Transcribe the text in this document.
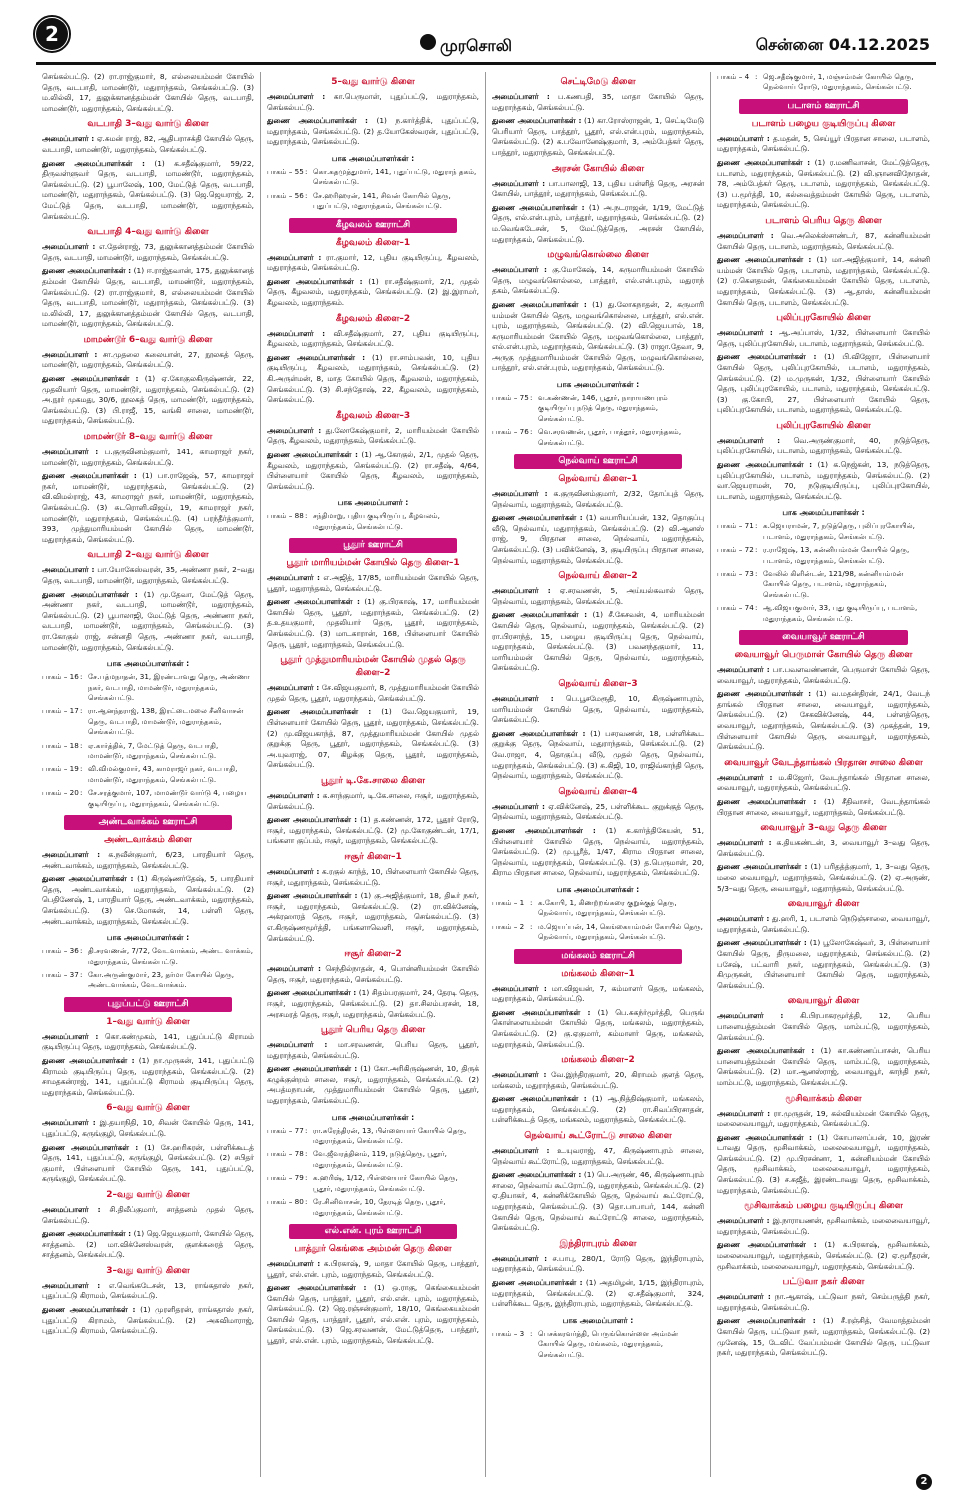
2	முரசொலி	சென்னை 04.12.2025

செங்கல்பட்டு. (2) ரா.ராஜ்குமார், 8, எல்லையம்மன் கோயில் தெரு, வடபாதி, மாமண்டூர், மதுராந்தகம், செங்கல்பட்டு. (3) ம.லில்லி, 17, துலுக்கானத்தம்மன் கோயில் தெரு, வடபாதி, மாமண்டூர், மதுராந்தகம், செங்கல்பட்டு.

வடபாதி 3–வது வார்டு கிளை

அமைப்பாளர் : ஏ.சுமன் ராஜ், 82, ஆதிபராசக்தி கோயில் தெரு, வடபாதி, மாமண்டூர், மதுராந்தகம், செங்கல்பட்டு.

துணை அமைப்பாளர்கள் : (1) க.சதீஷ்குமார், 59/22, திருவள்ளுவர் தெரு, வடபாதி, மாமண்டூர், மதுராந்தகம், செங்கல்பட்டு. (2) பூபாலேஷ், 100, மேட்டுத் தெரு, வடபாதி, மாமண்டூர், மதுராந்தகம், செங்கல்பட்டு. (3) ஜெ.ஜெயராஜ், 2, மேட்டுத் தெரு, வடபாதி, மாமண்டூர், மதுராந்தகம், செங்கல்பட்டு.

வடபாதி 4–வது வார்டு கிளை

அமைப்பாளர் : எ.தேன்ராஜ், 73, துலுக்கானத்தம்மன் கோயில் தெரு, வடபாதி, மாமண்டூர், மதுராந்தகம், செங்கல்பட்டு.

துணை அமைப்பாளர்கள் : (1) ஈ.ராஜ்தவான், 175, துலுக்கானத் தம்மன் கோயில் தெரு, வடபாதி, மாமண்டூர், மதுராந்தகம், செங்கல்பட்டு. (2) ரா.ராஜ்குமார், 8, எல்லையம்மன் கோயில் தெரு, வடபாதி, மாமண்டூர், மதுராந்தகம், செங்கல்பட்டு. (3) ம.லில்லி, 17, துலுக்கானத்தம்மன் கோயில் தெரு, வடபாதி, மாமண்டூர், மதுராந்தகம், செங்கல்பட்டு.

மாமண்டூர் 6–வது வார்டு கிளை

அமைப்பாளர் : சா.முதலை கலையான், 27, நூலகத் தெரு, மாமண்டூர், மதுராந்தகம், செங்கல்பட்டு.

துணை அமைப்பாளர்கள் : (1) ஏ.கோகுலகிருஷ்ணன், 22, முதலியார் தெரு, மாமண்டூர், மதுராந்தகம், செங்கல்பட்டு. (2) அ.நூர் முகமது, 30/6, நூலகத் தெரு, மாமண்டூர், மதுராந்தகம், செங்கல்பட்டு. (3) பி.ராஜீ, 15, வங்கி சாலை, மாமண்டூர், மதுராந்தகம், செங்கல்பட்டு.

மாமண்டூர் 8–வது வார்டு கிளை

அமைப்பாளர் : ப.குருவினம்குமார், 141, காமராஜர் நகர், மாமண்டூர், மதுராந்தகம், செங்கல்பட்டு.

துணை அமைப்பாளர்கள் : (1) பா.ராஜேஷ், 57, காமராஜர் நகர், மாமண்டூர், மதுராந்தகம், செங்கல்பட்டு. (2) வி.விமல்ராஜ், 43, காமராஜர் நகர், மாமண்டூர், மதுராந்தகம், செங்கல்பட்டு. (3) சுடரொளி.விஜய், 19, காமராஜர் நகர், மாமண்டூர், மதுராந்தகம், செங்கல்பட்டு. (4) பரந்தீர்த்குமார், 393, முத்துமாரியம்மன் கோயில் தெரு, மாமண்டூர், மதுராந்தகம், செங்கல்பட்டு.

வடபாதி 2–வது வார்டு கிளை

அமைப்பாளர் : பா.யோகேஸ்வரன், 35, அண்ணா நகர், 2–வது தெரு, வடபாதி, மாமண்டூர், மதுராந்தகம், செங்கல்பட்டு.

துணை அமைப்பாளர்கள் : (1) மு.தேவா, மேட்டுத் தெரு, அண்ணா நகர், வடபாதி, மாமண்டூர், மதுராந்தகம், செங்கல்பட்டு. (2) பூபாலாஜி, மேட்டுத் தெரு, அண்ணா நகர், வடபாதி, மாமண்டூர், மதுராந்தகம், செங்கல்பட்டு. (3) ரா.கோகுல் ராஜ், சன்னதி தெரு, அண்ணா நகர், வடபாதி, மாமண்டூர், மதுராந்தகம், செங்கல்பட்டு.

பாக அமைப்பாளர்கள் :
பாகம் – 16 : சே.பத்மநாதன், 31, இரண்டாவது தெரு, அண்ணா நகர், வடபாதி, மாமண்டூர், மதுராந்தகம், செங்கல்பட்டு.
பாகம் – 17 : ரா.ஆனந்தராஜ், 138, இரட்டைமலை சீனிவாசன் தெரு, வடபாதி, மாமண்டூர், மதுராந்தகம், செங்கல்பட்டு.
பாகம் – 18 : ஏ.கார்த்திக், 7, மேட்டுத் தெரு, வடபாதி, மாமண்டூர், மதுராந்தகம், செங்கல்பட்டு.
பாகம் – 19 : வி.விமல்குமார், 43, காமராஜர் நகர், வடபாதி, மாமண்டூர், மதுராந்தகம், செங்கல்பட்டு.
பாகம் – 20 : சே.சரத்குமார், 107, மாமண்டூர் வார்டு 4, பழைய குடியிருப்பு, மதுராந்தகம், செங்கல்பட்டு.
அண்டவாக்கம் ஊராட்சி
அண்டவாக்கம் கிளை

அமைப்பாளர் : க.நவீன்குமார், 6/23, பாரதியார் தெரு, அண்டவாக்கம், மதுராந்தகம், செங்கல்பட்டு.

துணை அமைப்பாளர்கள் : (1) கிருஷ்ணர்தேஷ், 5, பாரதியார் தெரு, அண்டவாக்கம், மதுராந்தகம், செங்கல்பட்டு. (2) பெதிணேஷ், 1, பாரதியார் தெரு, அண்டவாக்கம், மதுராந்தகம், செங்கல்பட்டு. (3) செ.மோகன், 14, பள்ளி தெரு, அண்டவாக்கம், மதுராந்தகம், செங்கல்பட்டு.

பாக அமைப்பாளர்கள் :
பாகம் – 36 : தி.சரவணன், 7/72, வேடவாக்கம், அண்ட வாக்கம், மதுராந்தகம், செங்கல்பட்டு.
பாகம் – 37 : கோ.அருண்குமார், 23, தர்மா கோயில் தெரு, அண்டவாக்கம், வேடவாக்கம்.
புதுப்பட்டு ஊராட்சி
1–வது வார்டு கிளை

அமைப்பாளர் : கொ.கண்முகம், 141, புதுப்பட்டு கிராமம் குடியிருப்பு தெரு, மதுராந்தகம், செங்கல்பட்டு.

துணை அமைப்பாளர்கள் : (1) நா.முருகன், 141, புதுப்பட்டு கிராமம் குடியிருப்பு தெரு, மதுராந்தகம், செங்கல்பட்டு. (2) சாமதகன்ராஜ், 141, புதுப்பட்டு கிராமம் குடியிருப்பு தெரு, மதுராந்தகம், செங்கல்பட்டு.

6–வது வார்டு கிளை

அமைப்பாளர் : இ.தயாநிதி, 10, சிவன் கோயில் தெரு, 141, புதுப்பட்டு, கருங்குழி, செங்கல்பட்டு.

துணை அமைப்பாளர்கள் : (1) சே.ஹரிகரன், பள்ளிக்கூடத் தெரு, 141, புதுப்பட்டு, கருங்குழி, செங்கல்பட்டு. (2) சபிதர் குமார், பிள்ளையார் கோயில் தெரு, 141, புதுப்பட்டு, கருங்குழி, செங்கல்பட்டு.

2–வது வார்டு கிளை

அமைப்பாளர் : சி.திலீப்குமார், சாத்தனம் முதல் தெரு, செங்கல்பட்டு.

துணை அமைப்பாளர்கள் : (1) ஜெ.ஜெயகுமார், கோயில் தெரு, சாத்தனம். (2) மா.விக்னேஸ்வரன், குளக்கரைத் தெரு, சாத்தனம், செங்கல்பட்டு.

3–வது வார்டு கிளை

அமைப்பாளர் : எ.வெங்கடேசன், 13, ராங்கதாஸ் நகர், புதுப்பட்டு கிராமம், செங்கல்பட்டு.

துணை அமைப்பாளர்கள் : (1) முரளிதரன், ராங்கதாஸ் நகர், புதுப்பட்டு கிராமம், செங்கல்பட்டு. (2) அசுவிமாராஜ், புதுப்பட்டு கிராமம், செங்கல்பட்டு.

5–வது வார்டு கிளை

அமைப்பாளர் : கா.பெருமாள், புதுப்பட்டு, மதுராந்தகம், செங்கல்பட்டு.

துணை அமைப்பாளர்கள் : (1) ந.கார்த்திக், புதுப்பட்டு, மதுராந்தகம், செங்கல்பட்டு. (2) த.யோகேஸ்வரன், புதுப்பட்டு, மதுராந்தகம், செங்கல்பட்டு.

பாக அமைப்பாளர்கள் :
பாகம் – 55 : கொ.கதமுத்துமார், 141, புதுப்பட்டு, மதுராந் தகம், செங்கல்பட்டு.
பாகம் – 56 : சே.ஹரிஹரன், 141, சிவன் கோயில் தெரு, புதுப்பட்டு, மதுராந்தகம், செங்கல்பட்டு.
கீழவலம் ஊராட்சி
கீழவலம் கிளை–1

அமைப்பாளர் : ரா.குமார், 12, புதிய குடியிருப்பு, கீழவலம், மதுராந்தகம், செங்கல்பட்டு.

துணை அமைப்பாளர்கள் : (1) ரா.சதீஷ்குமார், 2/1, முதல் தெரு, கீழவலம், மதுராந்தகம், செங்கல்பட்டு. (2) இ.இராமர், கீழவலம், மதுராந்தகம்.

கீழவலம் கிளை–2

அமைப்பாளர் : வி.சதீஷ்குமார், 27, புதிய குடியிருப்பு, கீழவலம், மதுராந்தகம், செங்கல்பட்டு.

துணை அமைப்பாளர்கள் : (1) ரா.சாம்பவன், 10, புதிய குடியிருப்பு, கீழவலம், மதுராந்தகம், செங்கல்பட்டு. (2) கி.அருள்மன், 8, மாத கோயில் தெரு, கீழவலம், மதுராந்தகம், செங்கல்பட்டு. (3) சி.சந்தோஷ், 22, கீழவலம், மதுராந்தகம், செங்கல்பட்டு.

கீழவலம் கிளை–3

அமைப்பாளர் : து.லோகேஷ்குமார், 2, மாரியம்மன் கோயில் தெரு, கீழவலம், மதுராந்தகம், செங்கல்பட்டு.

துணை அமைப்பாளர்கள் : (1) ஆ.கோகுல், 2/1, முதல் தெரு, கீழவலம், மதுராந்தகம், செங்கல்பட்டு. (2) ரா.சதீஷ், 4/64, பிள்ளையார் கோயில் தெரு, கீழவலம், மதுராந்தகம், செங்கல்பட்டு.

பாக அமைப்பாளர் :
பாகம் – 88 : சந்திமாறு, புதிய குடியிருப்பு, கீழவலம், மதுராந்தகம், செங்கல்பட்டு.
பூதூர் ஊராட்சி
பூதூர் மாரியம்மன் கோயில் தெரு கிளை–1

அமைப்பாளர் : எ.அஜித், 17/85, மாரியம்மன் கோயில் தெரு, பூதூர், மதுராந்தகம், செங்கல்பட்டு.

துணை அமைப்பாளர்கள் : (1) கு.பிரகாஷ், 17, மாரியம்மன் கோயில் தெரு, பூதூர், மதுராந்தகம், செங்கல்பட்டு. (2) த.உதயகுமார், முதலியார் தெரு, பூதூர், மதுராந்தகம், செங்கல்பட்டு. (3) மாடகாரான், 168, பிள்ளையார் கோயில் தெரு, பூதூர், மதுராந்தகம், செங்கல்பட்டு.

பூதூர் முத்துமாரியம்மன் கோயில் முதல் தெரு கிளை–2

அமைப்பாளர் : சே.விஜயகுமார், 8, முத்துமாரியம்மன் கோயில் முதல் தெரு, பூதூர், மதுராந்தகம், செங்கல்பட்டு.

துணை அமைப்பாளர்கள் : (1) வே.ஜெயகுமார், 19, பிள்ளையார் கோயில் தெரு, பூதூர், மதுராந்தகம், செங்கல்பட்டு. (2) மு.விஜயகாந்த், 87, முத்துமாரியம்மன் கோயில் முதல் குறுக்கு தெரு, பூதூர், மதுராந்தகம், செங்கல்பட்டு. (3) அ.யுவராஜ், 07, கிழக்கு தெரு, பூதூர், மதுராந்தகம், செங்கல்பட்டு.

பூதூர் டி.கே.சாலை கிளை

அமைப்பாளர் : க.சாந்குமார், டி.கே.சாலை, ஈசூர், மதுராந்தகம், செங்கல்பட்டு.

துணை அமைப்பாளர்கள் : (1) த.கண்ணன், 172, பூதூர் ரோடு, ஈசூர், மதுராந்தகம், செங்கல்பட்டு. (2) மு.கோகுண்டன், 17/1, பங்களா குப்பம், ஈசூர், மதுராந்தகம், செங்கல்பட்டு.

ஈசூர் கிளை–1

அமைப்பாளர் : க.ரகுல் காந்த், 10, பிள்ளையார் கோயில் தெரு, ஈசூர், மதுராந்தகம், செங்கல்பட்டு.

துணை அமைப்பாளர்கள் : (1) கு.அஜித்குமார், 18, திடீர் நகர், ஈசூர், மதுராந்தகம், செங்கல்பட்டு. (2) ரா.விக்னேஷ், அக்ரஹாரத் தெரு, ஈசூர், மதுராந்தகம், செங்கல்பட்டு. (3) எ.கிருஷ்ணமூர்த்தி, பங்களாவெளி, ஈசூர், மதுராந்தகம், செங்கல்பட்டு.

ஈசூர் கிளை–2

அமைப்பாளர் : செந்தில்நாதன், 4, பொன்னியம்மன் கோயில் தெரு, ஈசூர், மதுராந்தகம், செங்கல்பட்டு.

துணை அமைப்பாளர்கள் : (1) சிதம்பரகுமார், 24, தேரடி தெரு, ஈசூர், மதுராந்தகம், செங்கல்பட்டு. (2) தா.சிலம்பரசன், 18, அரசமரத் தெரு, ஈசூர், மதுராந்தகம், செங்கல்பட்டு.

பூதூர் பெரிய தெரு கிளை

அமைப்பாளர் : மா.சரவணன், பெரிய தெரு, பூதூர், மதுராந்தகம், செங்கல்பட்டு.

துணை அமைப்பாளர்கள் : (1) கோ.அரிகிருஷ்ணன், 10, திருக் கழுக்குன்றம் சாலை, ஈசூர், மதுராந்தகம், செங்கல்பட்டு. (2) அபத்மநாபன், முத்துமாரியம்மன் கோயில் தெரு, பூதூர், மதுராந்தகம், செங்கல்பட்டு.

பாக அமைப்பாளர்கள் :
பாகம் – 77 : ரா.சுரேந்திரன், 13, பிள்ளையார் கோயில் தெரு, மதுராந்தகம், செங்கல்பட்டு.
பாகம் – 78 : வே.ஜீவரத்தினம், 119, நடுத்தெரு, பூதூர், மதுராந்தகம், செங்கல்பட்டு.
பாகம் – 79 : க.ஹரிஷ், 1/12, பிள்ளையார் கோயில் தெரு, பூதூர், மதுராந்தகம், செங்கல்பட்டு.
பாகம் – 80 : ரே.சினிவாசன், 10, தேரடித் தெரு, பூதூர், மதுராந்தகம், செங்கல்பட்டு.
எல்.என். புரம் ஊராட்சி
பாத்தூர் கெங்கை அம்மன் தெரு கிளை

அமைப்பாளர் : க.பிரகாஷ், 9, மாதா கோயில் தெரு, பாத்தூர், பூதூர், எல்.என். புரம், மதுராந்தகம், செங்கல்பட்டு.

துணை அமைப்பாளர்கள் : (1) ஒ.ராகு, கெங்கையம்மன் கோயில் தெரு, பாத்தூர், பூதூர், எல்.என். புரம், மதுராந்தகம், செங்கல்பட்டு. (2) ஜெ.ரஞ்சன்குமார், 18/10, கெங்கையம்மன் கோயில் தெரு, பாத்தூர், பூதூர், எல்.என். புரம், மதுராந்தகம், செங்கல்பட்டு. (3) ஜெ.சரவணன், மேட்டுத்தெரு, பாத்தூர், பூதூர், எல்.என். புரம், மதுராந்தகம், செங்கல்பட்டு.

செட்டிமேடு கிளை

அமைப்பாளர் : ப.கணபதி, 35, மாதா கோயில் தெரு, மதுராந்தகம், செங்கல்பட்டு.

துணை அமைப்பாளர்கள் : (1) கா.ரோஸ்ராஜன், 1, செட்டிமேடு பெரியார் தெரு, பாத்தூர், பூதூர், எல்.என்.புரம், மதுராந்தகம், செங்கல்பட்டு. (2) க.பவோனேஷ்குமார், 3, அம்பேத்கர் தெரு, பாத்தூர், மதுராந்தகம், செங்கல்பட்டு.

அரசன் கோயில் கிளை

அமைப்பாளர் : பா.பாலாஜி, 13, புதிய பள்ளித் தெரு, அரசன் கோயில், பாத்தூர், மதுராந்தகம், செங்கல்பட்டு.

துணை அமைப்பாளர்கள் : (1) அ.நடராஜன், 1/19, மேட்டுத் தெரு, எல்.என்.புரம், பாத்தூர், மதுராந்தகம், செங்கல்பட்டு. (2) ம.வெங்கடேசன், 5, மேட்டுத்தெரு, அரசன் கோயில், மதுராந்தகம், செங்கல்பட்டு.

மழுவங்கொல்லை கிளை

அமைப்பாளர் : கு.மோகேஷ், 14, கருமாரியம்மன் கோயில் தெரு, மழுவங்கொல்லை, பாத்தூர், எல்.என்.புரம், மதுராந் தகம், செங்கல்பட்டு.

துணை அமைப்பாளர்கள் : (1) து.லோகநாதன், 2, கருமாரி யம்மன் கோயில் தெரு, மழுவங்கொல்லை, பாத்தூர், எல்.என். புரம், மதுராந்தகம், செங்கல்பட்டு. (2) வி.ஜெயபால், 18, கருமாரியம்மன் கோயில் தெரு, மழுவங்கொல்லை, பாத்தூர், எல்.என்.புரம், மதுராந்தகம், செங்கல்பட்டு. (3) ராஜா.தேவா, 9, அருகு முத்துமாரியம்மன் கோயில் தெரு, மழுவங்கொல்லை, பாத்தூர், எல்.என்.புரம், மதுராந்தகம், செங்கல்பட்டு.

பாக அமைப்பாளர்கள் :
பாகம் – 75 : வ.கண்ணன், 146, பூதூர், நாராயணபுரம் குடியிருப்பு நடுத் தெரு, மதுராந்தகம், செங்கல்பட்டு.
பாகம் – 76 : வெ.சரவணன், பூதூர், பாத்தூர், மதுராந்தகம், செங்கல்பட்டு.
நெல்வாய் ஊராட்சி
நெல்வாய் கிளை–1

அமைப்பாளர் : க.குருவினம்குமார், 2/32, தோப்புத் தெரு, நெல்வாய், மதுராந்தகம், செங்கல்பட்டு.

துணை அமைப்பாளர்கள் : (1) வயாரியப்பன், 132, தொகுப்பு வீடு, நெல்வாய், மதுராந்தகம், செங்கல்பட்டு. (2) வி.ஆனஸ் ராஜ், 9, பிரதான சாலை, நெல்வாய், மதுராந்தகம், செங்கல்பட்டு. (3) பவிக்னேஷ், 3, குடியிருப்பு பிரதான சாலை, நெல்வாய், மதுராந்தகம், செங்கல்பட்டு.

நெல்வாய் கிளை–2

அமைப்பாளர் : ஏ.சரவணன், 5, அய்யல்கவால் தெரு, நெல்வாய், மதுராந்தகம், செங்கல்பட்டு.

துணை அமைப்பாளர்கள் : (1) சீ.கேசவன், 4, மாரியம்மன் கோயில் தெரு, நெல்வாய், மதுராந்தகம், செங்கல்பட்டு. (2) ரா.பிரசாந்த், 15, பழைய குடியிருப்பு தெரு, நெல்வாய், மதுராந்தகம், செங்கல்பட்டு. (3) பவனந்தகுமார், 11, மாரியம்மன் கோயில் தெரு, நெல்வாய், மதுராந்தகம், செங்கல்பட்டு.

நெல்வாய் கிளை–3

அமைப்பாளர் : பெ.பூசமேரூதி, 10, கிருஷ்ணாபுரம், மாரியம்மன் கோயில் தெரு, நெல்வாய், மதுராந்தகம், செங்கல்பட்டு.

துணை அமைப்பாளர்கள் : (1) பசரவணன், 18, பள்ளிக்கூட குறுக்கு தெரு, நெல்வாய், மதுராந்தகம், செங்கல்பட்டு. (2) வே.ராஜா, 4, தொகுப்பு வீடு, முதல் தெரு, நெல்வாய், மதுராந்தகம், செங்கல்பட்டு. (3) சு.கிஜி, 10, ராஜிவ்காந்தி தெரு, நெல்வாய், மதுராந்தகம், செங்கல்பட்டு.

நெல்வாய் கிளை–4

அமைப்பாளர் : ஏ.விக்னேஷ், 25, பள்ளிக்கூட குறுக்குத் தெரு, நெல்வாய், மதுராந்தகம், செங்கல்பட்டு.

துணை அமைப்பாளர்கள் : (1) சு.கார்த்திகேயன், 51, பிள்ளையார் கோயில் தெரு, நெல்வாய், மதுராந்தகம், செங்கல்பட்டு. (2) மு.பூரீத், 1/47, கிராம பிரதான சாலை, நெல்வாய், மதுராந்தகம், செங்கல்பட்டு. (3) த.பெருமாள், 20, கிராம பிரதான சாலை, நெல்வாய், மதுராந்தகம், செங்கல்பட்டு.

பாக அமைப்பாளர்கள் :
பாகம் – 1 : க.கோபி, 1, கிணற்றங்கரை குறுக்குத் தெரு, நெல்வாய், மதுராந்தகம், செங்கல்பட்டு.
பாகம் – 2 : ம.ஜெயப்பன், 14, கெங்கையம்மன் கோயில் தெரு, நெல்வாய், மதுராந்தகம், செங்கல்பட்டு.
மங்கலம் ஊராட்சி
மங்கலம் கிளை–1

அமைப்பாளர் : மா.விஜயன், 7, கம்மாளர் தெரு, மங்கலம், மதுராந்தகம், செங்கல்பட்டு.

துணை அமைப்பாளர்கள் : (1) பெ.சுகந்ர்மூர்த்தி, பெருங் கொள்ளையம்மன் கோயில் தெரு, மங்கலம், மதுராந்தகம், செங்கல்பட்டு. (2) கு.ஏகுமார், கம்மாளர் தெரு, மங்கலம், மதுராந்தகம், செங்கல்பட்டு.

மங்கலம் கிளை–2

அமைப்பாளர் : வே.இந்திரகுமார், 20, கிராமம் குளத் தெரு, மங்கலம், மதுராந்தகம், செங்கல்பட்டு.

துணை அமைப்பாளர்கள் : (1) ஆ.நித்திஷ்குமார், மங்கலம், மதுராந்தகம், செங்கல்பட்டு. (2) ரா.சிவப்பிரசாதன், பள்ளிக்கூடத் தெரு, மங்கலம், மதுராந்தகம், செங்கல்பட்டு.

நெல்வாய் கூட்ரோட்டு சாலை கிளை

அமைப்பாளர் : உ.யுவராஜ், 47, கிருஷ்ணாபுரம் சாலை, நெல்வாய் கூட்ரோட்டு, மதுராந்தகம், செங்கல்பட்டு.

துணை அமைப்பாளர்கள் : (1) பெ.அருண், 46, கிருஷ்ணாபுரம் சாலை, நெல்வாய் கூட்ரோட்டு, மதுராந்தகம், செங்கல்பட்டு. (2) ஏ.தியாகர், 4, கன்னிக்கோயில் தெரு, நெல்வாய் கூட்ரோட்டு, மதுராந்தகம், செங்கல்பட்டு. (3) தொ.பாபாபர், 144, கன்னி கோயில் தெரு, நெல்வாய் கூட்ரோட்டு சாலை, மதுராந்தகம், செங்கல்பட்டு.

இந்திராபுரம் கிளை

அமைப்பாளர் : ச.பாபு, 280/1, ரோடு தெரு, இந்திராபுரம், மதுராந்தகம், செங்கல்பட்டு.

துணை அமைப்பாளர்கள் : (1) அதமிழன், 1/15, இந்திராபுரம், மதுராந்தகம், செங்கல்பட்டு. (2) ஏ.சதீஷ்குமார், 324, பள்ளிக்கூட தெரு, இந்திராபுரம், மதுராந்தகம், செங்கல்பட்டு.

பாக அமைப்பாளர் :
பாகம் – 3 : பெசக்கரவர்த்தி, பெருங்கொள்ளை அம்மன் கோயில் தெரு, மங்கலம், மதுராந்தகம், செங்கல்பட்டு.
பாகம் – 4 : ஜெ.சதீஷ்குமார், 1, மஞ்சம்மன் கோயில் தெரு, நெல்வாய் ரோடு, மதுராந்தகம், செங்கல்பட்டு.
படாளம் ஊராட்சி
படாளம் பழைய குடியிருப்பு கிளை

அமைப்பாளர் : த.மதன், 5, செய்யூர் பிரதான சாலை, படாளம், மதுராந்தகம், செங்கல்பட்டு.

துணை அமைப்பாளர்கள் : (1) ர.மணிவாசன், மேட்டுத்தெரு, படாளம், மதுராந்தகம், செங்கல்பட்டு. (2) வி.ஞானவிநோதன், 78, அம்பேத்கர் தெரு, படாளம், மதுராந்தகம், செங்கல்பட்டு. (3) ப.மூர்த்தி, 10, கல்வைத்தம்மன் கோயில் தெரு, படாளம், மதுராந்தகம், செங்கல்பட்டு.

படாளம் பெரிய தெரு கிளை

அமைப்பாளர் : வெ.அலெக்ஸ்சாண்டர், 87, கன்னியம்மன் கோயில் தெரு, படாளம், மதுராந்தகம், செங்கல்பட்டு.

துணை அமைப்பாளர்கள் : (1) மா.அஜித்குமார், 14, கன்னி யம்மன் கோயில் தெரு, படாளம், மதுராந்தகம், செங்கல்பட்டு. (2) ர.கௌதமன், கெங்கையம்மன் கோயில் தெரு, படாளம், மதுராந்தகம், செங்கல்பட்டு. (3) ஆ.தாஸ், கன்னியம்மன் கோயில் தெரு, படாளம், செங்கல்பட்டு.

புலிப்புரகோயில் கிளை

அமைப்பாளர் : ஆ.அப்பாஸ், 1/32, பிள்ளையார் கோயில் தெரு, புலிப்புரகோயில், படாளம், மதுராந்தகம், செங்கல்பட்டு.

துணை அமைப்பாளர்கள் : (1) பி.விஜேரா, பிள்ளையார் கோயில் தெரு, புலிப்புரகோயில், படாளம், மதுராந்தகம், செங்கல்பட்டு. (2) ம.முருகன், 1/32, பிள்ளையார் கோயில் தெரு, புலிப்புரகோயில், படாளம், மதுராந்தகம், செங்கல்பட்டு. (3) கு.கோபி, 27, பிள்ளையார் கோயில் தெரு, புலிப்புரகோயில், படாளம், மதுராந்தகம், செங்கல்பட்டு.

புலிப்புரகோயில் கிளை

அமைப்பாளர் : வெ.அருண்குமார், 40, நடுத்தெரு, புலிப்புரகோயில், படாளம், மதுராந்தகம், செங்கல்பட்டு.

துணை அமைப்பாளர்கள் : (1) க.நெஜ்கன், 13, நடுத்தெரு, புலிப்புரகோயில், படாளம், மதுராந்தகம், செங்கல்பட்டு. (2) வா.ஜெயராமன், 70, நடுகுடியிருப்பு, புலிப்புரகோயில், படாளம், மதுராந்தகம், செங்கல்பட்டு.

பாக அமைப்பாளர்கள் :
பாகம் – 71 : க.ஜெயராமன், 7, நடுத்தெரு, புலிப்புரகோயில், படாளம், மதுராந்தகம், செங்கல்பட்டு.
பாகம் – 72 : ர.ராஜேஷ், 13, கன்னியம்மன் கோயில் தெரு, படாளம், மதுராந்தகம், செங்கல்பட்டு.
பாகம் – 73 : வேலில் கிளின்டன், 121/98, கன்னியம்மன் கோயில் தெரு, படாளம், மதுராந்தகம், செங்கல்பட்டு.
பாகம் – 74 : ஆ.விஜயகுமார், 33, புது குடியிருப்பு, படாளம், மதுராந்தகம், செங்கல்பட்டு.
வையாவூர் ஊராட்சி
வையாவூர் பெருமாள் கோயில் தெரு கிளை

அமைப்பாளர் : பா.பவளவண்ணன், பெருமாள் கோயில் தெரு, வையாவூர், மதுராந்தகம், செங்கல்பட்டு.

துணை அமைப்பாளர்கள் : (1) வ.மதன்திரன், 24/1, வேடந் தாங்கல் பிரதான சாலை, வையாவூர், மதுராந்தகம், செங்கல்பட்டு. (2) சேகவிக்னேஷ், 44, பள்ளத்தெரு, வையாவூர், மதுராந்தகம், செங்கல்பட்டு. (3) முகத்தன், 19, பிள்ளையார் கோயில் தெரு, வையாவூர், மதுராந்தகம், செங்கல்பட்டு.

வையாவூர் வேடந்தாங்கல் பிரதான சாலை கிளை

அமைப்பாளர் : ம.கிஜோர், வேடந்தாங்கல் பிரதான சாலை, வையாவூர், மதுராந்தகம், செங்கல்பட்டு.

துணை அமைப்பாளர்கள் : (1) சீதிவாசர், வேடந்தாங்கல் பிரதான சாலை, வையாவூர், மதுராந்தகம், செங்கல்பட்டு.

வையாவூர் 3–வது தெரு கிளை

அமைப்பாளர் : க.தியகண்டன், 3, வையாவூர் 3–வது தெரு, செங்கல்பட்டு.

துணை அமைப்பாளர்கள் : (1) பரிதத்த்குமார், 1, 3–வது தெரு, மலை வையாவூர், மதுராந்தகம், செங்கல்பட்டு. (2) ஏ.அருண், 5/3–வது தெரு, வையாவூர், மதுராந்தகம், செங்கல்பட்டு.

வையாவூர் கிளை

அமைப்பாளர் : து.ஹரி, 1, படாளம் நெடுஞ்சாலை, வையாவூர், மதுராந்தகம், செங்கல்பட்டு.

துணை அமைப்பாளர்கள் : (1) பூலோகேஷ்வர், 3, பிள்ளையார் கோயில் தெரு, திருமலை, மதுராந்தகம், செங்கல்பட்டு. (2) பசேஷ், பட்வாரி நகர், மதுராந்தகம், செங்கல்பட்டு. (3) கிமுருகன், பிள்ளையார் கோயில் தெரு, மதுராந்தகம், செங்கல்பட்டு.

வையாவூர் கிளை

அமைப்பாளர் : கி.பிரபாகரமூர்த்தி, 12, பெரிய பாளையத்தம்மன் கோயில் தெரு, மாம்பட்டு, மதுராந்தகம், செங்கல்பட்டு.

துணை அமைப்பாளர்கள் : (1) கா.கண்ணப்பாசன், பெரிய பாளையத்தம்மன் கோயில் தெரு, மாம்பட்டு, மதுராந்தகம், செங்கல்பட்டு. (2) மா.ஆனஸ்ராஜ், வையாவூர், காந்தி நகர், மாம்பட்டு, மதுராந்தகம், செங்கல்பட்டு.

மூசிவாக்கம் கிளை

அமைப்பாளர் : ரா.முருதன், 19, கல்வியம்மன் கோயில் தெரு, மலைவையாவூர், மதுராந்தகம், செங்கல்பட்டு.

துணை அமைப்பாளர்கள் : (1) கோபாலாப்பன், 10, இரண் டாவது தெரு, மூசிவாக்கம், மலைவையாவூர், மதுராந்தகம், செங்கல்பட்டு. (2) மு.பிரசன்னா, 1, கன்னியம்மன் கோயில் தெரு, மூசிவாக்கம், மலைவையாவூர், மதுராந்தகம், செங்கல்பட்டு. (3) ச.சுஜீத், இரண்டாவது தெரு, மூசிவாக்கம், மதுராந்தகம், செங்கல்பட்டு.

மூசிவாக்கம் பழைய குடியிருப்பு கிளை

அமைப்பாளர் : இ.நாராயணன், மூசிவாக்கம், மலைவையாவூர், மதுராந்தகம், செங்கல்பட்டு.

துணை அமைப்பாளர்கள் : (1) க.பிரகாஷ், மூசிவாக்கம், மலைவையாவூர், மதுராந்தகம், செங்கல்பட்டு. (2) ஏ.மூரீதரன், மூசிவாக்கம், மலைவையாவூர், மதுராந்தகம், செங்கல்பட்டு.

பட்டுவா நகர் கிளை

அமைப்பாளர் : நா.ஆகாஷ், பட்டுவா நகர், செம்பருத்தி நகர், மதுராந்தகம், செங்கல்பட்டு.

துணை அமைப்பாளர்கள் : (1) சீ.ரஞ்சித், வேமாத்தம்மன் கோயில் தெரு, பட்டுவா நகர், மதுராந்தகம், செங்கல்பட்டு. (2) முனேஷ், 15, டேவிட் வேப்பம்மன் கோயில் தெரு, பட்டுவா நகர், மதுராந்தகம், செங்கல்பட்டு.

2
